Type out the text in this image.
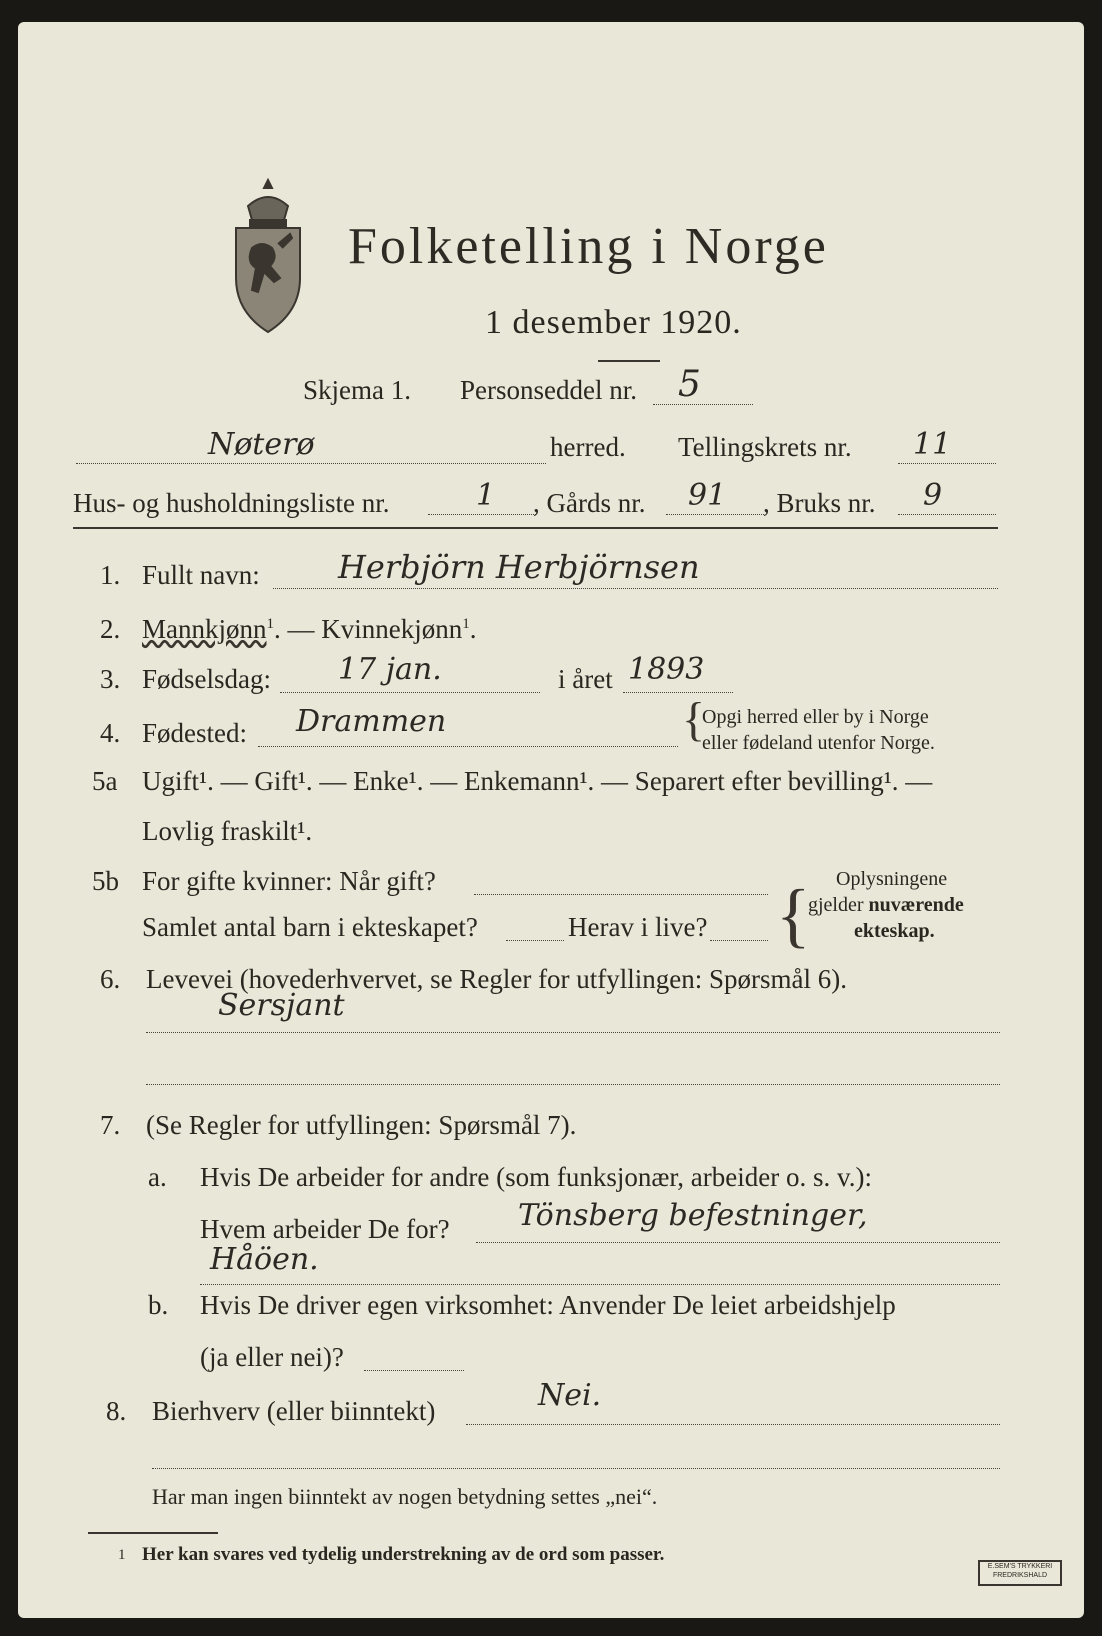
Folketelling i Norge
1 desember 1920.
Skjema 1. Personseddel nr. 5
Nøterø	herred. Tellingskrets nr. 11
Hus- og husholdningsliste nr.	1 , Gårds nr. 91 , Bruks nr. 9
1. Fullt navn: Herbjörn Herbjörnsen
2. Mannkjønn$^1$. — Kvinnekjønn$^1$.
3. Fødselsdag: 17 jan.	i året 1893
4. Fødested: Drammen	{
Opgi herred eller by i Norge
eller fødeland utenfor Norge.
5a Ugift¹. — Gift¹. — Enke¹. — Enkemann¹. — Separert efter bevilling¹. —
Lovlig fraskilt¹.
5b For gifte kvinner: Når gift?
Samlet antal barn i ekteskapet?	Herav i live? { Oplysningene
gjelder nuværende
ekteskap.
6. Levevei (hovederhvervet, se Regler for utfyllingen: Spørsmål 6).
Sersjant
7. (Se Regler for utfyllingen: Spørsmål 7).
a. Hvis De arbeider for andre (som funksjonær, arbeider o. s. v.):
Hvem arbeider De for? Tönsberg befestninger,
Håöen.
b. Hvis De driver egen virksomhet: Anvender De leiet arbeidshjelp
(ja eller nei)?
8. Bierhverv (eller biinntekt)	Nei.
Har man ingen biinntekt av nogen betydning settes „nei“.
1 Her kan svares ved tydelig understrekning av de ord som passer.
E.SEM'S TRYKKERI
FREDRIKSHALD
